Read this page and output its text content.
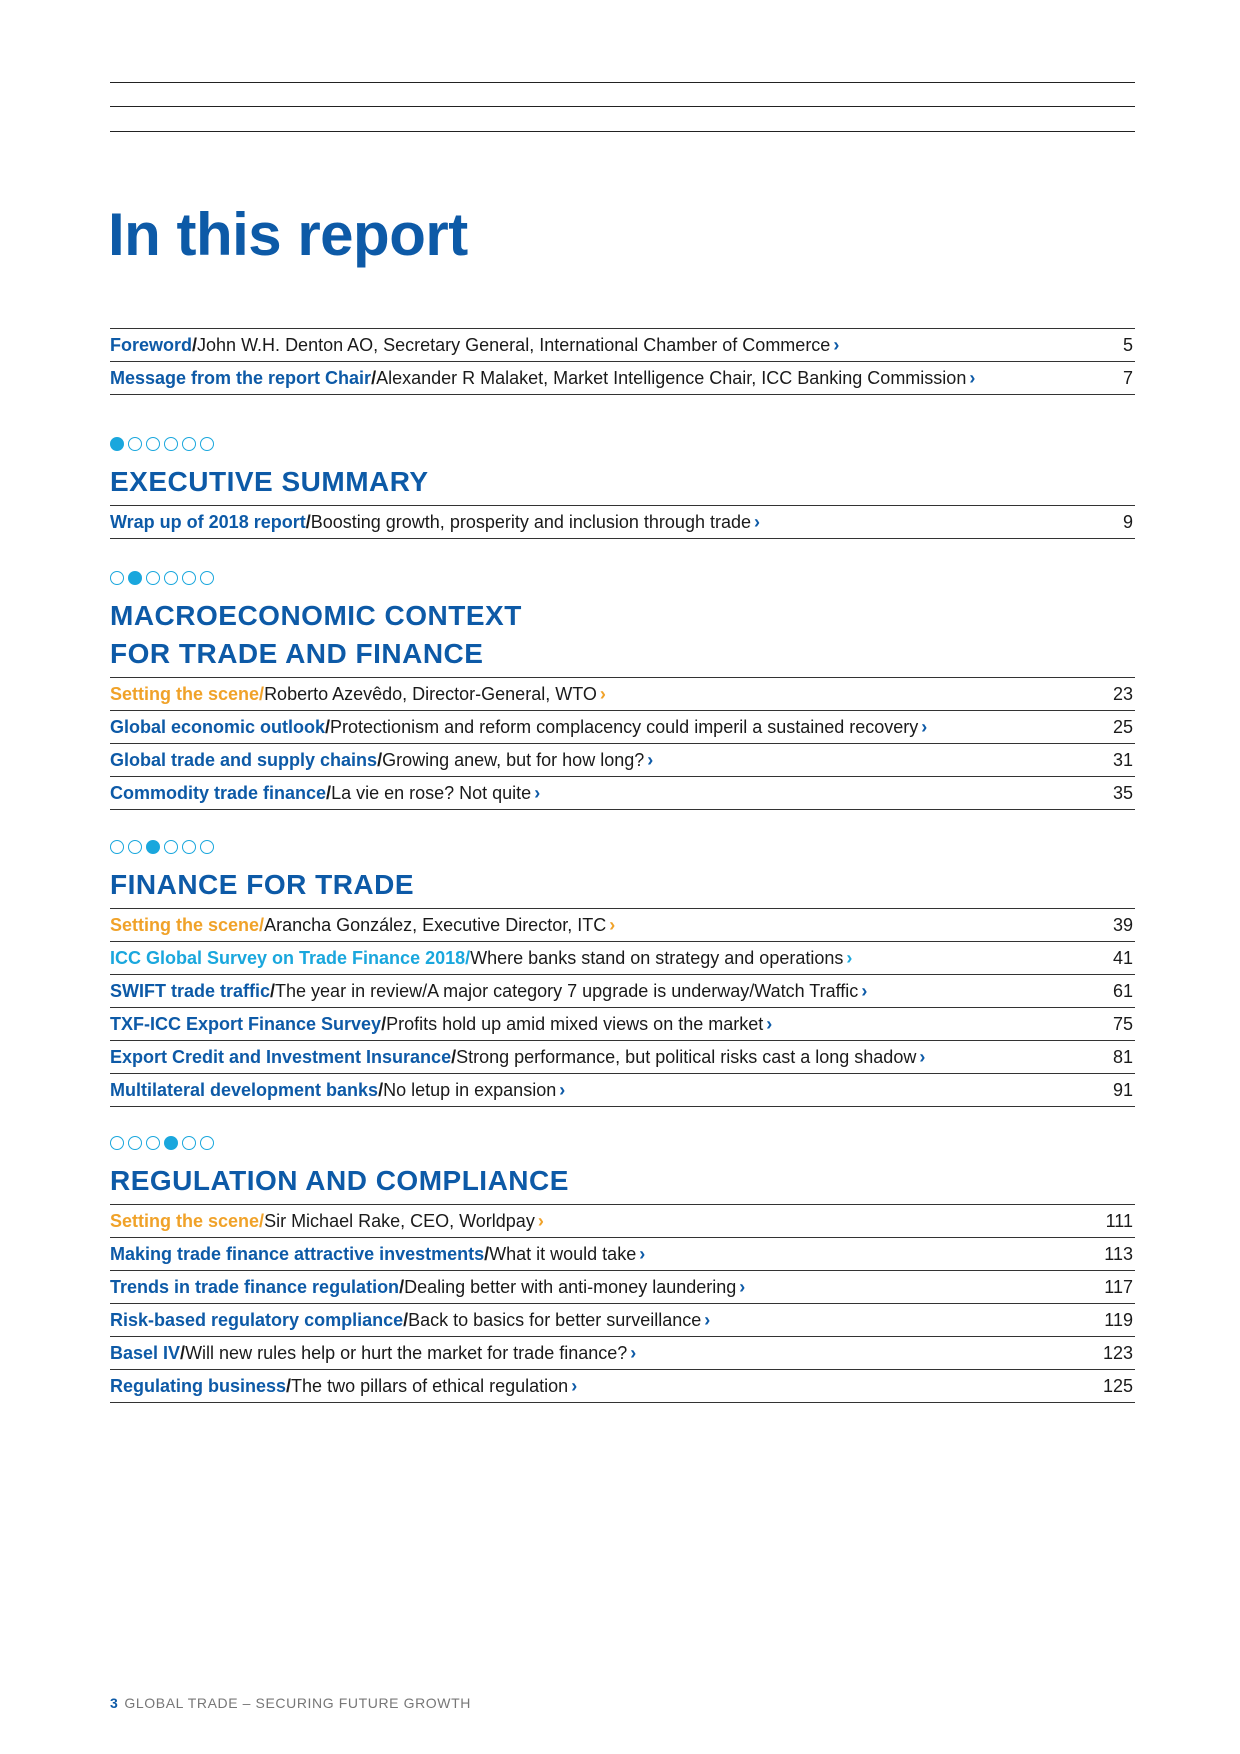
In this report
Foreword/John W.H. Denton AO, Secretary General, International Chamber of Commerce ›	5
Message from the report Chair/Alexander R Malaket, Market Intelligence Chair, ICC Banking Commission ›	7
EXECUTIVE SUMMARY
Wrap up of 2018 report/Boosting growth, prosperity and inclusion through trade ›	9
MACROECONOMIC CONTEXT
FOR TRADE AND FINANCE
Setting the scene/Roberto Azevêdo, Director-General, WTO ›	23
Global economic outlook/Protectionism and reform complacency could imperil a sustained recovery ›	25
Global trade and supply chains/Growing anew, but for how long? ›	31
Commodity trade finance/La vie en rose? Not quite ›	35
FINANCE FOR TRADE
Setting the scene/Arancha González, Executive Director, ITC ›	39
ICC Global Survey on Trade Finance 2018/Where banks stand on strategy and operations ›	41
SWIFT trade traffic/The year in review/A major category 7 upgrade is underway/Watch Traffic ›	61
TXF-ICC Export Finance Survey/Profits hold up amid mixed views on the market ›	75
Export Credit and Investment Insurance/Strong performance, but political risks cast a long shadow ›	81
Multilateral development banks/No letup in expansion ›	91
REGULATION AND COMPLIANCE
Setting the scene/Sir Michael Rake, CEO, Worldpay ›	111
Making trade finance attractive investments/What it would take ›	113
Trends in trade finance regulation/Dealing better with anti-money laundering ›	117
Risk-based regulatory compliance/Back to basics for better surveillance ›	119
Basel IV/Will new rules help or hurt the market for trade finance? ›	123
Regulating business/The two pillars of ethical regulation ›	125
3 GLOBAL TRADE – SECURING FUTURE GROWTH
